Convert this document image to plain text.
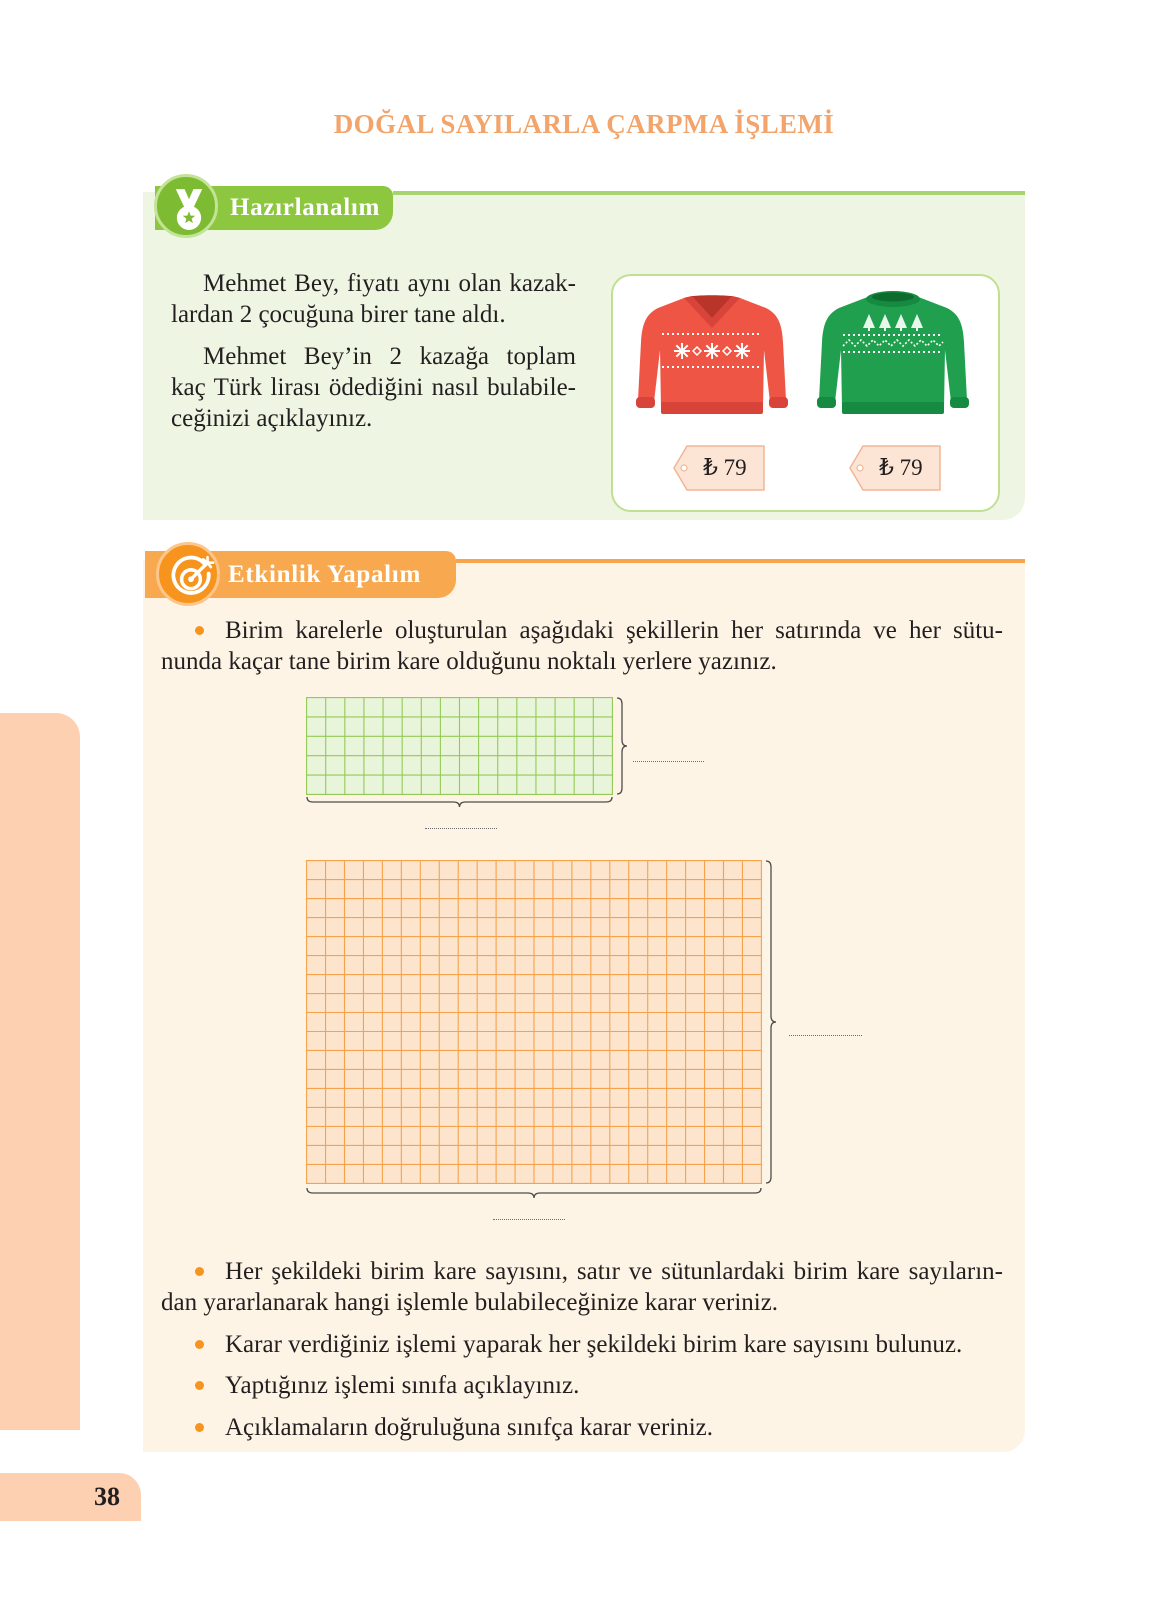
DOĞAL SAYILARLA ÇARPMA İŞLEMİ
38
Hazırlanalım
Mehmet Bey, fiyatı aynı olan kazak-
lardan 2 çocuğuna birer tane aldı.
Mehmet Bey’in 2 kazağa toplam
kaç Türk lirası ödediğini nasıl bulabile-
ceğinizi açıklayınız.
₺ 79	₺ 79
Etkinlik Yapalım
Birim karelerle oluşturulan aşağıdaki şekillerin her satırında ve her sütu-
nunda kaçar tane birim kare olduğunu noktalı yerlere yazınız.
Her şekildeki birim kare sayısını, satır ve sütunlardaki birim kare sayıların-
dan yararlanarak hangi işlemle bulabileceğinize karar veriniz.
Karar verdiğiniz işlemi yaparak her şekildeki birim kare sayısını bulunuz.
Yaptığınız işlemi sınıfa açıklayınız.
Açıklamaların doğruluğuna sınıfça karar veriniz.
